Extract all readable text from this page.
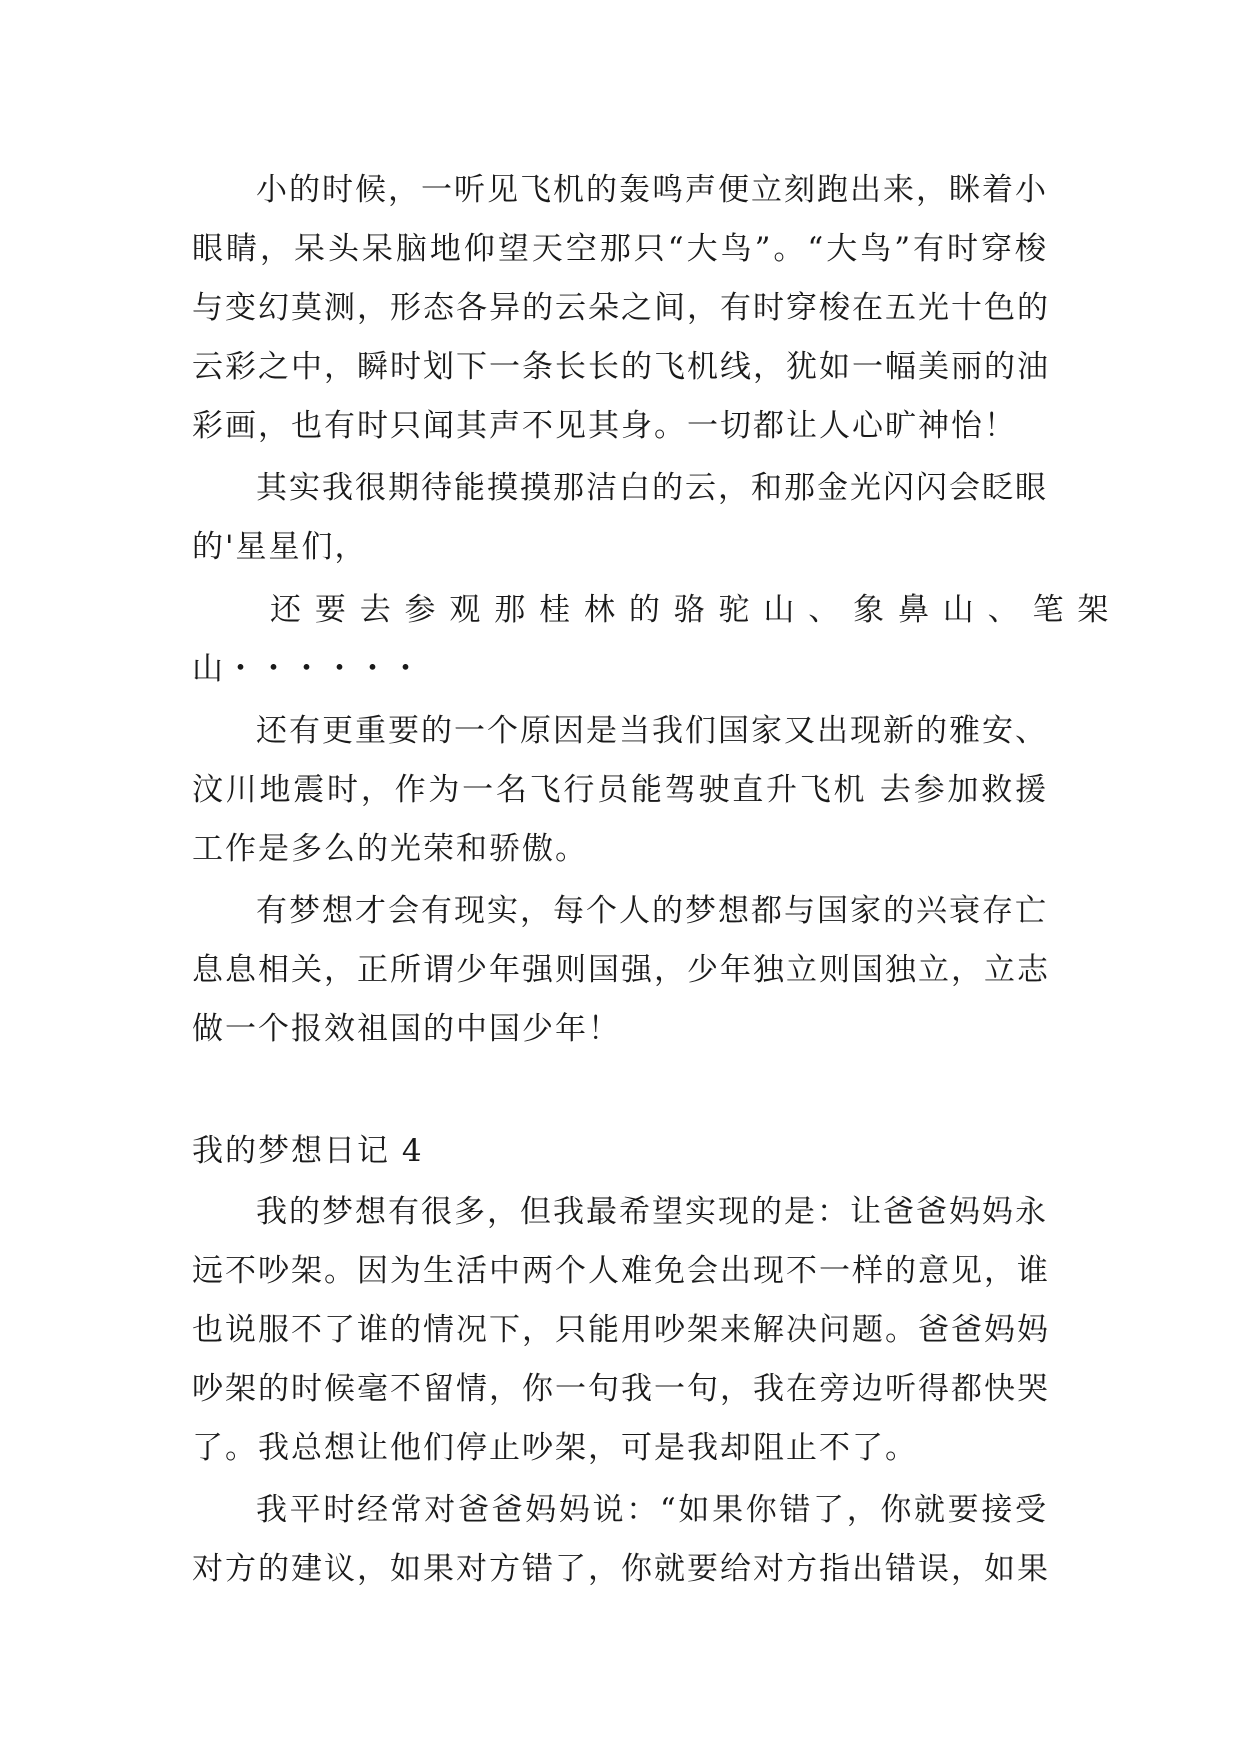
小的时候，一听见飞机的轰鸣声便立刻跑出来，眯着小
眼睛，呆头呆脑地仰望天空那只“大鸟”。“大鸟”有时穿梭
与变幻莫测，形态各异的云朵之间，有时穿梭在五光十色的
云彩之中，瞬时划下一条长长的飞机线，犹如一幅美丽的油
彩画，也有时只闻其声不见其身。一切都让人心旷神怡！
其实我很期待能摸摸那洁白的云，和那金光闪闪会眨眼
的'星星们，
还 要 去 参 观 那 桂 林 的 骆 驼 山 、 象 鼻 山 、 笔 架
山・・・・・・
还有更重要的一个原因是当我们国家又出现新的雅安、
汶川地震时，作为一名飞行员能驾驶直升飞机 去参加救援
工作是多么的光荣和骄傲。
有梦想才会有现实，每个人的梦想都与国家的兴衰存亡
息息相关，正所谓少年强则国强，少年独立则国独立，立志
做一个报效祖国的中国少年！
我的梦想日记 4
我的梦想有很多，但我最希望实现的是：让爸爸妈妈永
远不吵架。因为生活中两个人难免会出现不一样的意见，谁
也说服不了谁的情况下，只能用吵架来解决问题。爸爸妈妈
吵架的时候毫不留情，你一句我一句，我在旁边听得都快哭
了。我总想让他们停止吵架，可是我却阻止不了。
我平时经常对爸爸妈妈说：“如果你错了，你就要接受
对方的建议，如果对方错了，你就要给对方指出错误，如果
